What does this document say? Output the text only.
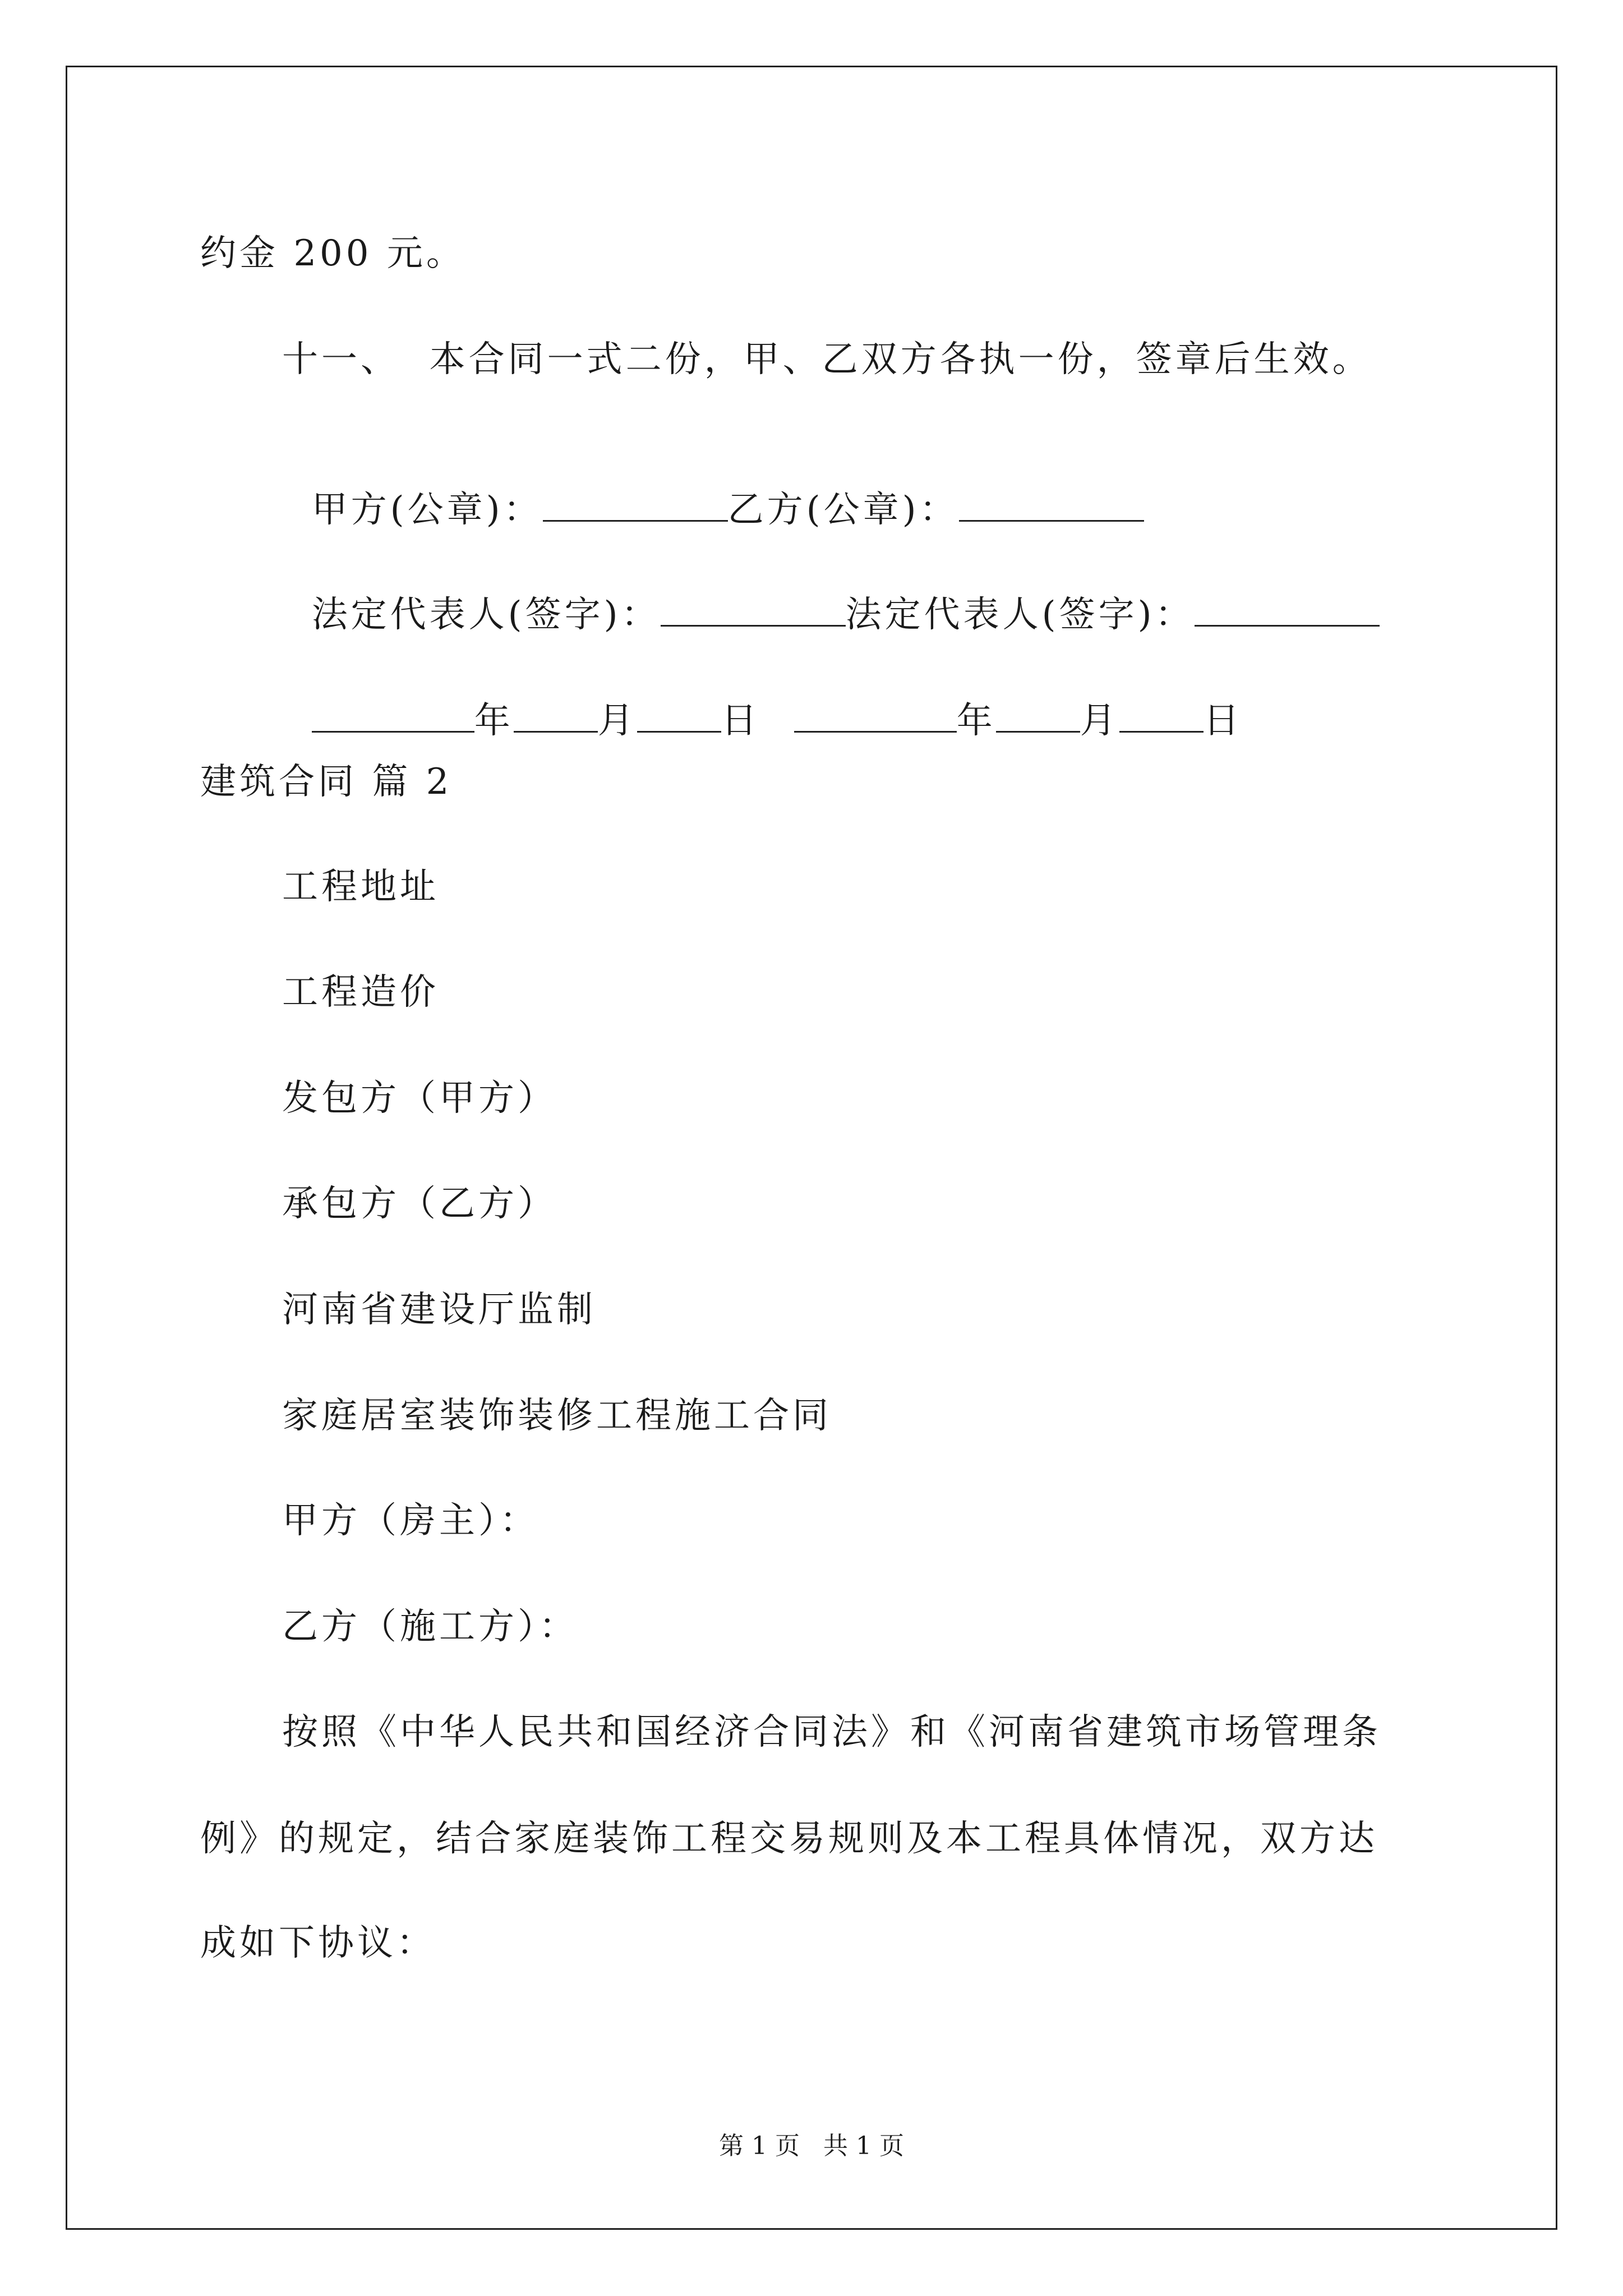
约金 200 元。
十一、  本合同一式二份，甲、乙双方各执一份，签章后生效。

甲方(公章)：	乙方(公章)：

法定代表人(签字)：	法定代表人(签字)：

年 月 日	年 月 日

建筑合同 篇 2
工程地址
工程造价
发包方（甲方）
承包方（乙方）
河南省建设厅监制
家庭居室装饰装修工程施工合同
甲方（房主）：
乙方（施工方）：
按照《中华人民共和国经济合同法》和《河南省建筑市场管理条
例》的规定，结合家庭装饰工程交易规则及本工程具体情况，双方达
成如下协议：
第 1 页   共 1 页
